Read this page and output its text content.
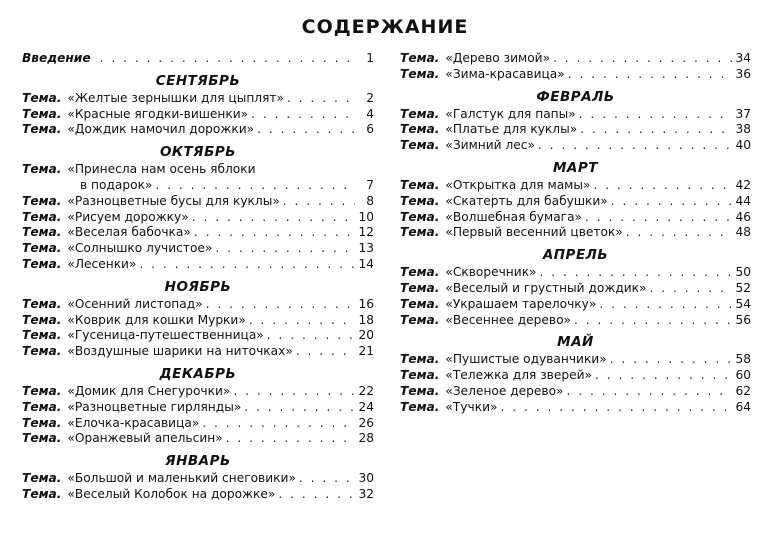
СОДЕРЖАНИЕ
Введение . . .	1
СЕНТЯБРЬ
Тема. «Желтые зернышки для цыплят» . . .	2
Тема. «Красные ягодки-вишенки» . . .	4
Тема. «Дождик намочил дорожки» . . .	6
ОКТЯБРЬ
Тема. «Принесла нам осень яблоки
в подарок» . . .	7
Тема. «Разноцветные бусы для куклы» . . .	8
Тема. «Рисуем дорожку» . . .	10
Тема. «Веселая бабочка» . . .	12
Тема. «Солнышко лучистое» . . .	13
Тема. «Лесенки» . . .	14
НОЯБРЬ
Тема. «Осенний листопад» . . .	16
Тема. «Коврик для кошки Мурки» . . .	18
Тема. «Гусеница-путешественница» . . .	20
Тема. «Воздушные шарики на ниточках» . . .	21
ДЕКАБРЬ
Тема. «Домик для Снегурочки» . . .	22
Тема. «Разноцветные гирлянды» . . .	24
Тема. «Елочка-красавица» . . .	26
Тема. «Оранжевый апельсин» . . .	28
ЯНВАРЬ
Тема. «Большой и маленький снеговики» . . .	30
Тема. «Веселый Колобок на дорожке» . . .	32
Тема. «Дерево зимой» . . .	34
Тема. «Зима-красавица» . . .	36
ФЕВРАЛЬ
Тема. «Галстук для папы» . . .	37
Тема. «Платье для куклы» . . .	38
Тема. «Зимний лес» . . .	40
МАРТ
Тема. «Открытка для мамы» . . .	42
Тема. «Скатерть для бабушки» . . .	44
Тема. «Волшебная бумага» . . .	46
Тема. «Первый весенний цветок» . . .	48
АПРЕЛЬ
Тема. «Скворечник» . . .	50
Тема. «Веселый и грустный дождик» . . .	52
Тема. «Украшаем тарелочку» . . .	54
Тема. «Весеннее дерево» . . .	56
МАЙ
Тема. «Пушистые одуванчики» . . .	58
Тема. «Тележка для зверей» . . .	60
Тема. «Зеленое дерево» . . .	62
Тема. «Тучки» . . .	64
